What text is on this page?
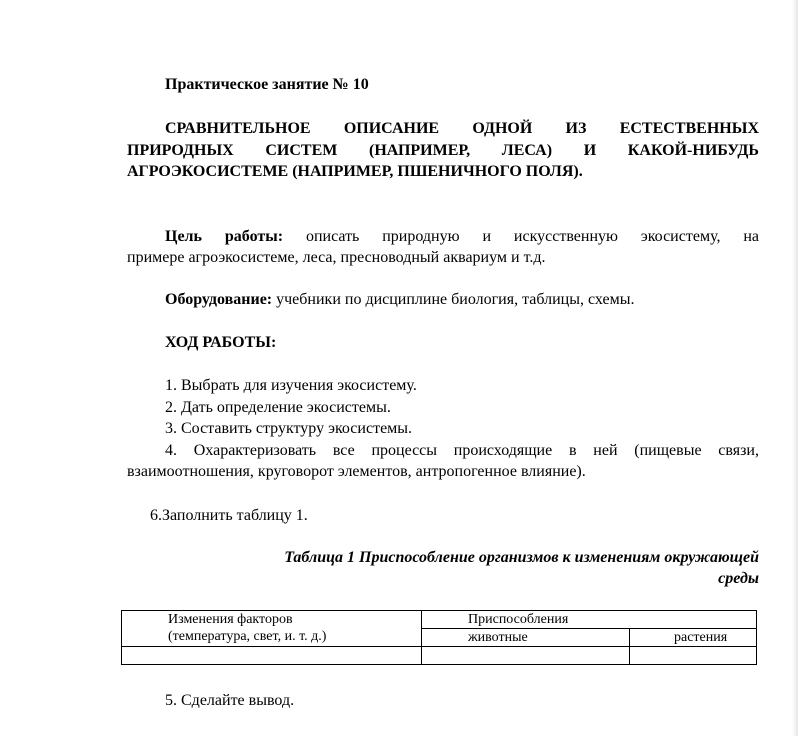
Практическое занятие № 10

СРАВНИТЕЛЬНОЕ ОПИСАНИЕ ОДНОЙ ИЗ ЕСТЕСТВЕННЫХ

ПРИРОДНЫХ СИСТЕМ (НАПРИМЕР, ЛЕСА) И КАКОЙ-НИБУДЬ

АГРОЭКОСИСТЕМЕ (НАПРИМЕР, ПШЕНИЧНОГО ПОЛЯ).

Цель работы: описать природную и искусственную экосистему, на

примере агроэкосистеме, леса, пресноводный аквариум и т.д.

Оборудование: учебники по дисциплине биология, таблицы, схемы.

ХОД РАБОТЫ:

1. Выбрать для изучения экосистему.

2. Дать определение экосистемы.

3. Составить структуру экосистемы.

4. Охарактеризовать все процессы происходящие в ней (пищевые связи,

взаимоотношения, круговорот элементов, антропогенное влияние).

6.Заполнить таблицу 1.

Таблица 1 Приспособление организмов к изменениям окружающей

среды

Изменения факторов
(температура, свет, и. т. д.)	Приспособления	

	животные	растения

5. Сделайте вывод.
